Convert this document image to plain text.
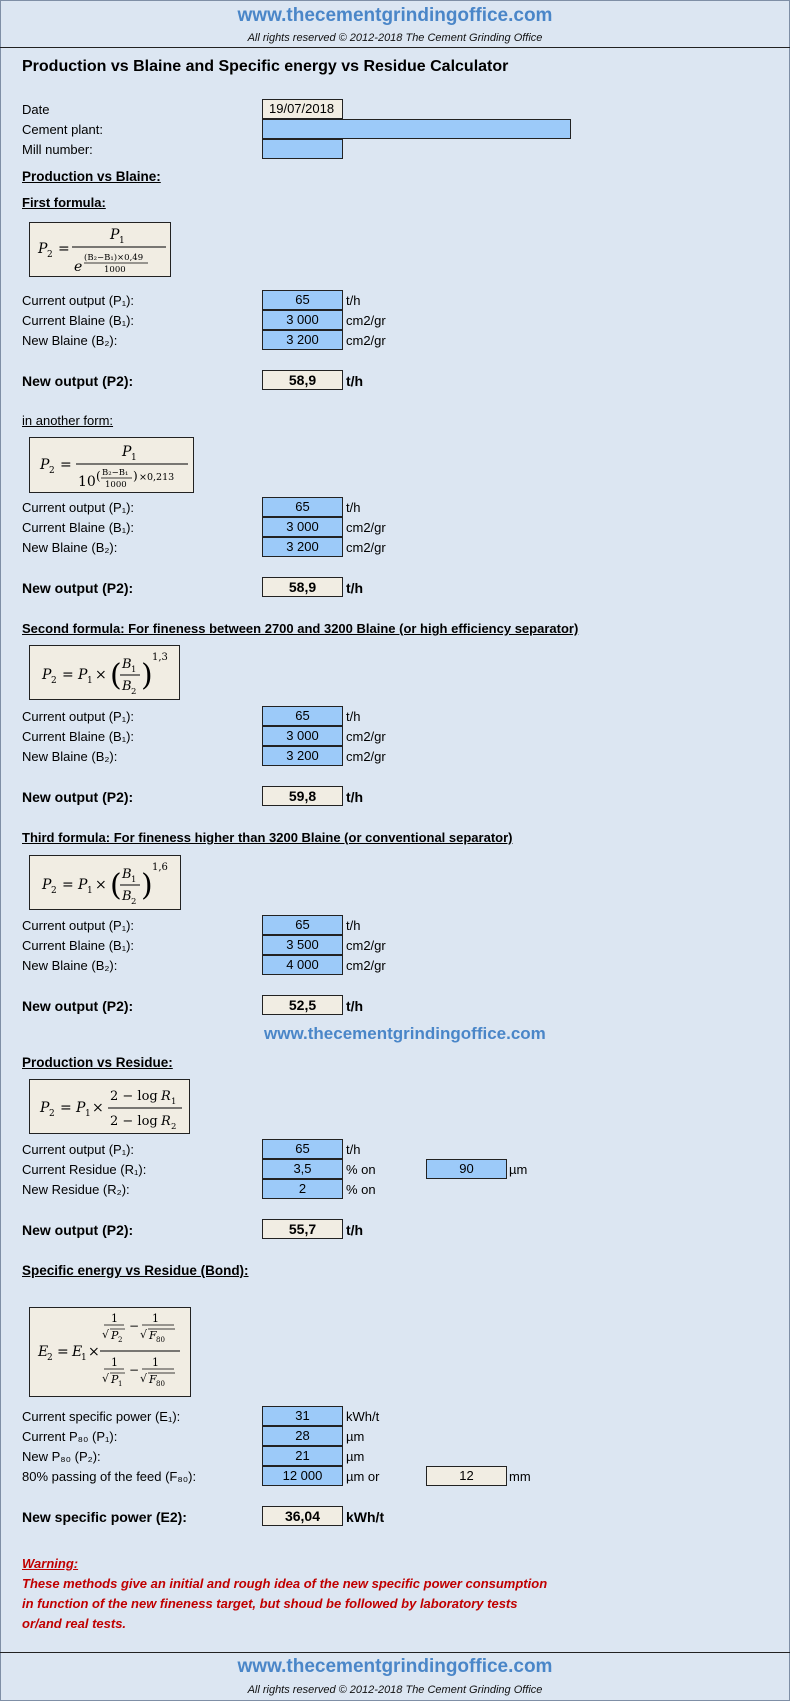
www.thecementgrindingoffice.com
All rights reserved © 2012-2018 The Cement Grinding Office
Production vs Blaine and Specific energy vs Residue Calculator
Date	19/07/2018
Cement plant:
Mill number:
Production vs Blaine:
First formula:
P 2 =
P 1
e
(B₂−B₁)×0,49
1000
Current output (P₁):	65	t/h
Current Blaine (B₁):	3 000	cm2/gr
New Blaine (B₂):	3 200	cm2/gr
New output (P2):	58,9	t/h
in another form:
P 2 =
P 1
10 ( B₂−B₁
1000
) ×0,213
Current output (P₁):	65	t/h
Current Blaine (B₁):	3 000	cm2/gr
New Blaine (B₂):	3 200	cm2/gr
New output (P2):	58,9	t/h
Second formula: For fineness between 2700 and 3200 Blaine (or high efficiency separator)
P 2 = P 1 × ( B 1
B 2 )
1,3
Current output (P₁):	65	t/h
Current Blaine (B₁):	3 000	cm2/gr
New Blaine (B₂):	3 200	cm2/gr
New output (P2):	59,8	t/h
Third formula: For fineness higher than 3200 Blaine (or conventional separator)
P 2 = P 1 × ( B 1
B 2 )
1,6
Current output (P₁):	65	t/h
Current Blaine (B₁):	3 500	cm2/gr
New Blaine (B₂):	4 000	cm2/gr
New output (P2):	52,5	t/h
www.thecementgrindingoffice.com
Production vs Residue:
P 2 = P 1 ×
2 − log R 1
2 − log R 2
Current output (P₁):	65	t/h
Current Residue (R₁):	3,5	% on	90	µm
New Residue (R₂):	2	% on
New output (P2):	55,7	t/h
Specific energy vs Residue (Bond):
E
2 = E
1 ×
1
√ P 2
−
1
√ F 80
1
√ P 1
−
1
√ F 80
Current specific power (E₁):	31	kWh/t
Current P₈₀ (P₁):	28	µm
New P₈₀ (P₂):	21	µm
80% passing of the feed (F₈₀):	12 000	µm or	12	mm
New specific power (E2):	36,04	kWh/t
Warning:
These methods give an initial and rough idea of the new specific power consumption
in function of the new fineness target, but shoud be followed by laboratory tests
or/and real tests.
www.thecementgrindingoffice.com
All rights reserved © 2012-2018 The Cement Grinding Office
